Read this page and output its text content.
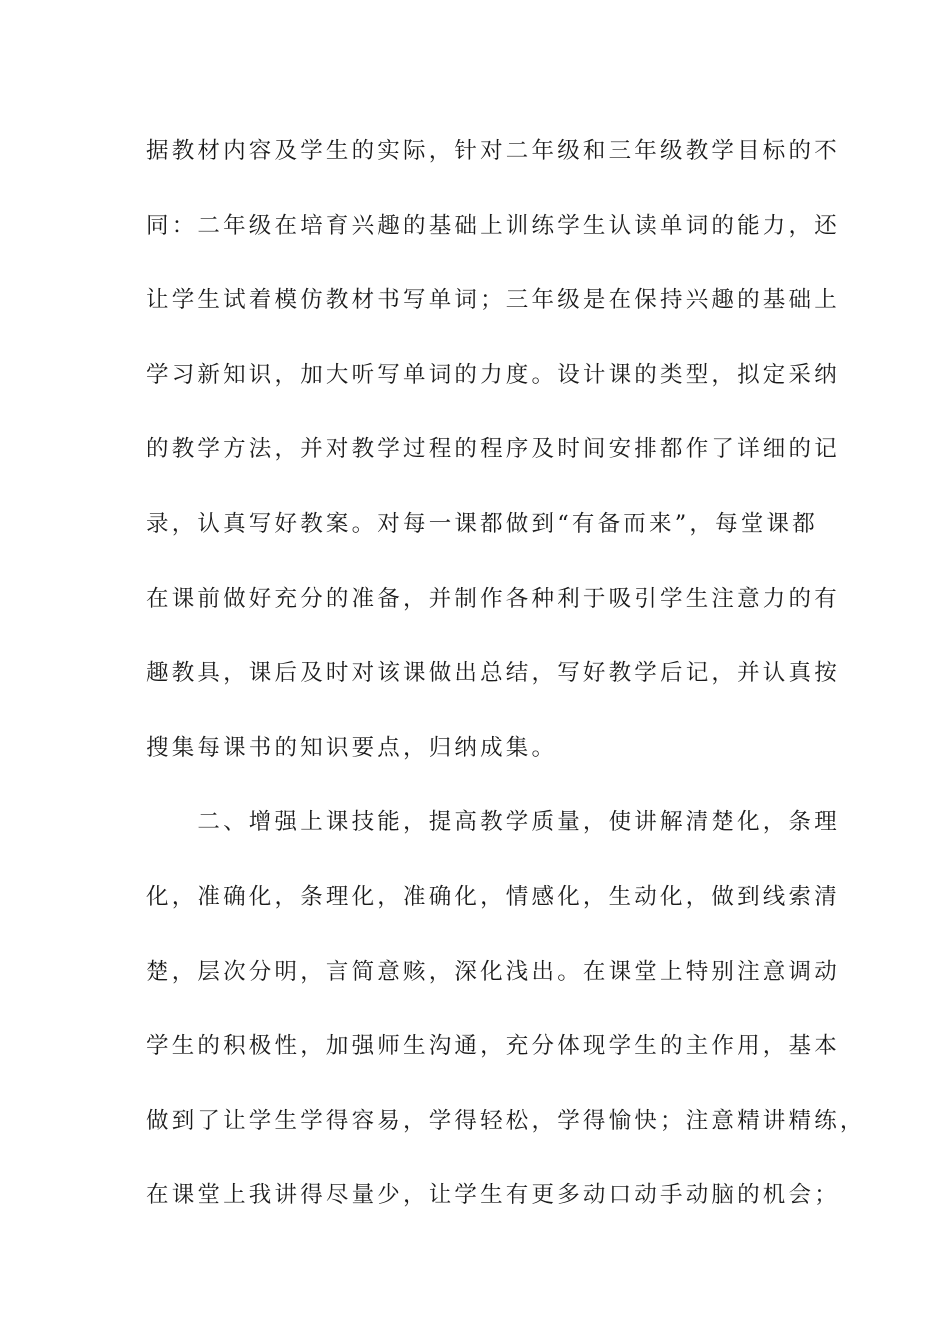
据教材内容及学生的实际，针对二年级和三年级教学目标的不
同：二年级在培育兴趣的基础上训练学生认读单词的能力，还
让学生试着模仿教材书写单词；三年级是在保持兴趣的基础上
学习新知识，加大听写单词的力度。设计课的类型，拟定采纳
的教学方法，并对教学过程的程序及时间安排都作了详细的记
录，认真写好教案。对每一课都做到“有备而来”，每堂课都
在课前做好充分的准备，并制作各种利于吸引学生注意力的有
趣教具，课后及时对该课做出总结，写好教学后记，并认真按
搜集每课书的知识要点，归纳成集。
　　二、增强上课技能，提高教学质量，使讲解清楚化，条理
化，准确化，条理化，准确化，情感化，生动化，做到线索清
楚，层次分明，言简意赅，深化浅出。在课堂上特别注意调动
学生的积极性，加强师生沟通，充分体现学生的主作用，基本
做到了让学生学得容易，学得轻松，学得愉快；注意精讲精练，
在课堂上我讲得尽量少，让学生有更多动口动手动脑的机会；
